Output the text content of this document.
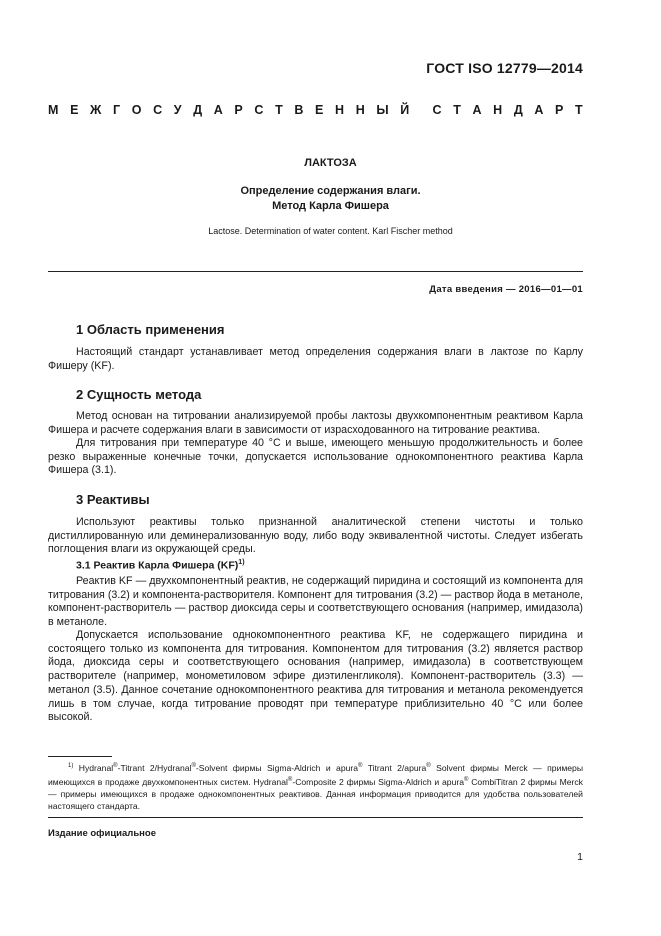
ГОСТ ISO 12779—2014
М Е Ж Г О С У Д А Р С Т В Е Н Н Ы Й С Т А Н Д А Р Т
ЛАКТОЗА
Определение содержания влаги.
Метод Карла Фишера
Lactose. Determination of water content. Karl Fischer method
Дата введения — 2016—01—01
1 Область применения
Настоящий стандарт устанавливает метод определения содержания влаги в лактозе по Карлу Фишеру (KF).
2 Сущность метода
Метод основан на титровании анализируемой пробы лактозы двухкомпонентным реактивом Карла Фишера и расчете содержания влаги в зависимости от израсходованного на титрование реактива.
Для титрования при температуре 40 °С и выше, имеющего меньшую продолжительность и более резко выраженные конечные точки, допускается использование однокомпонентного реактива Карла Фишера (3.1).
3 Реактивы
Используют реактивы только признанной аналитической степени чистоты и только дистиллированную или деминерализованную воду, либо воду эквивалентной чистоты. Следует избегать поглощения влаги из окружающей среды.
3.1 Реактив Карла Фишера (KF)$^{1)}$
Реактив KF — двухкомпонентный реактив, не содержащий пиридина и состоящий из компонента для титрования (3.2) и компонента-растворителя. Компонент для титрования (3.2) — раствор йода в метаноле, компонент-растворитель — раствор диоксида серы и соответствующего основания (например, имидазола) в метаноле.
Допускается использование однокомпонентного реактива KF, не содержащего пиридина и состоящего только из компонента для титрования. Компонентом для титрования (3.2) является раствор йода, диоксида серы и соответствующего основания (например, имидазола) в соответствующем растворителе (например, монометиловом эфире диэтиленгликоля). Компонент-растворитель (3.3) — метанол (3.5). Данное сочетание однокомпонентного реактива для титрования и метанола рекомендуется лишь в том случае, когда титрование проводят при температуре приблизительно 40 °С или более высокой.
$^{1)}$ Hydranal®-Titrant 2/Hydranal®-Solvent фирмы Sigma-Aldrich и apura® Titrant 2/apura® Solvent фирмы Merck — примеры имеющихся в продаже двухкомпонентных систем. Hydranal®-Composite 2 фирмы Sigma-Aldrich и apura® CombiTitran 2 фирмы Merck — примеры имеющихся в продаже однокомпонентных реактивов. Данная информация приводится для удобства пользователей настоящего стандарта.
Издание официальное
1
